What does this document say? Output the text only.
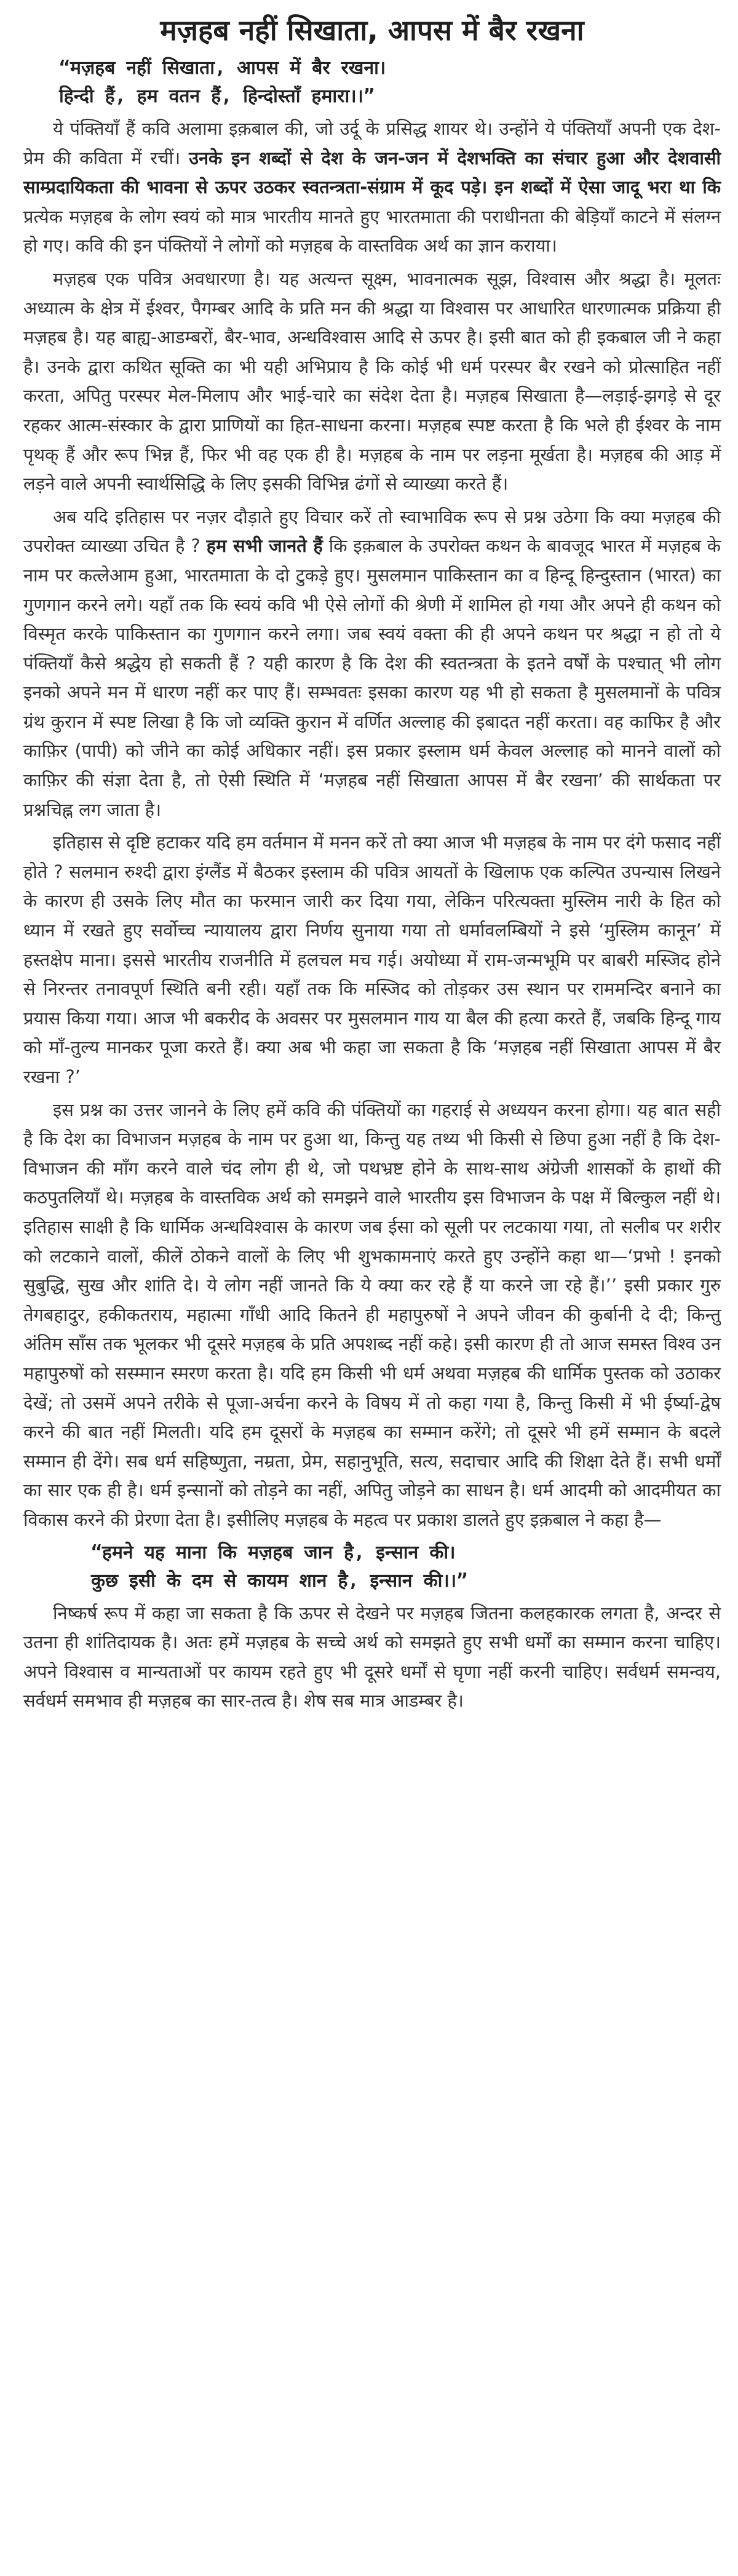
मज़हब नहीं सिखाता, आपस में बैर रखना
“मज़हब नहीं सिखाता, आपस में बैर रखना।
हिन्दी हैं, हम वतन हैं, हिन्दोस्ताँ हमारा।।”

ये पंक्तियाँ हैं कवि अलामा इक़बाल की, जो उर्दू के प्रसिद्ध शायर थे। उन्होंने ये पंक्तियाँ अपनी एक देश-प्रेम की कविता में रचीं। उनके इन शब्दों से देश के जन-जन में देशभक्ति का संचार हुआ और देशवासी साम्प्रदायिकता की भावना से ऊपर उठकर स्वतन्त्रता-संग्राम में कूद पड़े। इन शब्दों में ऐसा जादू भरा था कि प्रत्येक मज़हब के लोग स्वयं को मात्र भारतीय मानते हुए भारतमाता की पराधीनता की बेड़ियाँ काटने में संलग्न हो गए। कवि की इन पंक्तियों ने लोगों को मज़हब के वास्तविक अर्थ का ज्ञान कराया।

मज़हब एक पवित्र अवधारणा है। यह अत्यन्त सूक्ष्म, भावनात्मक सूझ, विश्वास और श्रद्धा है। मूलतः अध्यात्म के क्षेत्र में ईश्वर, पैगम्बर आदि के प्रति मन की श्रद्धा या विश्वास पर आधारित धारणात्मक प्रक्रिया ही मज़हब है। यह बाह्य-आडम्बरों, बैर-भाव, अन्धविश्वास आदि से ऊपर है। इसी बात को ही इकबाल जी ने कहा है। उनके द्वारा कथित सूक्ति का भी यही अभिप्राय है कि कोई भी धर्म परस्पर बैर रखने को प्रोत्साहित नहीं करता, अपितु परस्पर मेल-मिलाप और भाई-चारे का संदेश देता है। मज़हब सिखाता है—लड़ाई-झगड़े से दूर रहकर आत्म-संस्कार के द्वारा प्राणियों का हित-साधना करना। मज़हब स्पष्ट करता है कि भले ही ईश्वर के नाम पृथक् हैं और रूप भिन्न हैं, फिर भी वह एक ही है। मज़हब के नाम पर लड़ना मूर्खता है। मज़हब की आड़ में लड़ने वाले अपनी स्वार्थसिद्धि के लिए इसकी विभिन्न ढंगों से व्याख्या करते हैं।

अब यदि इतिहास पर नज़र दौड़ाते हुए विचार करें तो स्वाभाविक रूप से प्रश्न उठेगा कि क्या मज़हब की उपरोक्त व्याख्या उचित है ? हम सभी जानते हैं कि इक़बाल के उपरोक्त कथन के बावजूद भारत में मज़हब के नाम पर कत्लेआम हुआ, भारतमाता के दो टुकड़े हुए। मुसलमान पाकिस्तान का व हिन्दू हिन्दुस्तान (भारत) का गुणगान करने लगे। यहाँ तक कि स्वयं कवि भी ऐसे लोगों की श्रेणी में शामिल हो गया और अपने ही कथन को विस्मृत करके पाकिस्तान का गुणगान करने लगा। जब स्वयं वक्ता की ही अपने कथन पर श्रद्धा न हो तो ये पंक्तियाँ कैसे श्रद्धेय हो सकती हैं ? यही कारण है कि देश की स्वतन्त्रता के इतने वर्षों के पश्चात् भी लोग इनको अपने मन में धारण नहीं कर पाए हैं। सम्भवतः इसका कारण यह भी हो सकता है मुसलमानों के पवित्र ग्रंथ कुरान में स्पष्ट लिखा है कि जो व्यक्ति कुरान में वर्णित अल्लाह की इबादत नहीं करता। वह काफिर है और काफ़िर (पापी) को जीने का कोई अधिकार नहीं। इस प्रकार इस्लाम धर्म केवल अल्लाह को मानने वालों को काफ़िर की संज्ञा देता है, तो ऐसी स्थिति में ‘मज़हब नहीं सिखाता आपस में बैर रखना’ की सार्थकता पर प्रश्नचिह्न लग जाता है।

इतिहास से दृष्टि हटाकर यदि हम वर्तमान में मनन करें तो क्या आज भी मज़हब के नाम पर दंगे फसाद नहीं होते ? सलमान रुश्दी द्वारा इंग्लैंड में बैठकर इस्लाम की पवित्र आयतों के खिलाफ एक कल्पित उपन्यास लिखने के कारण ही उसके लिए मौत का फरमान जारी कर दिया गया, लेकिन परित्यक्ता मुस्लिम नारी के हित को ध्यान में रखते हुए सर्वोच्च न्यायालय द्वारा निर्णय सुनाया गया तो धर्मावलम्बियों ने इसे ‘मुस्लिम कानून’ में हस्तक्षेप माना। इससे भारतीय राजनीति में हलचल मच गई। अयोध्या में राम-जन्मभूमि पर बाबरी मस्जिद होने से निरन्तर तनावपूर्ण स्थिति बनी रही। यहाँ तक कि मस्जिद को तोड़कर उस स्थान पर राममन्दिर बनाने का प्रयास किया गया। आज भी बकरीद के अवसर पर मुसलमान गाय या बैल की हत्या करते हैं, जबकि हिन्दू गाय को माँ-तुल्य मानकर पूजा करते हैं। क्या अब भी कहा जा सकता है कि ‘मज़हब नहीं सिखाता आपस में बैर रखना ?’

इस प्रश्न का उत्तर जानने के लिए हमें कवि की पंक्तियों का गहराई से अध्ययन करना होगा। यह बात सही है कि देश का विभाजन मज़हब के नाम पर हुआ था, किन्तु यह तथ्य भी किसी से छिपा हुआ नहीं है कि देश-विभाजन की माँग करने वाले चंद लोग ही थे, जो पथभ्रष्ट होने के साथ-साथ अंग्रेजी शासकों के हाथों की कठपुतलियाँ थे। मज़हब के वास्तविक अर्थ को समझने वाले भारतीय इस विभाजन के पक्ष में बिल्कुल नहीं थे। इतिहास साक्षी है कि धार्मिक अन्धविश्वास के कारण जब ईसा को सूली पर लटकाया गया, तो सलीब पर शरीर को लटकाने वालों, कीलें ठोकने वालों के लिए भी शुभकामनाएं करते हुए उन्होंने कहा था—‘प्रभो ! इनको सुबुद्धि, सुख और शांति दे। ये लोग नहीं जानते कि ये क्या कर रहे हैं या करने जा रहे हैं।’’ इसी प्रकार गुरु तेगबहादुर, हकीकतराय, महात्मा गाँधी आदि कितने ही महापुरुषों ने अपने जीवन की कुर्बानी दे दी; किन्तु अंतिम साँस तक भूलकर भी दूसरे मज़हब के प्रति अपशब्द नहीं कहे। इसी कारण ही तो आज समस्त विश्व उन महापुरुषों को सस्म्मान स्मरण करता है। यदि हम किसी भी धर्म अथवा मज़हब की धार्मिक पुस्तक को उठाकर देखें; तो उसमें अपने तरीके से पूजा-अर्चना करने के विषय में तो कहा गया है, किन्तु किसी में भी ईर्ष्या-द्वेष करने की बात नहीं मिलती। यदि हम दूसरों के मज़हब का सम्मान करेंगे; तो दूसरे भी हमें सम्मान के बदले सम्मान ही देंगे। सब धर्म सहिष्णुता, नम्रता, प्रेम, सहानुभूति, सत्य, सदाचार आदि की शिक्षा देते हैं। सभी धर्मों का सार एक ही है। धर्म इन्सानों को तोड़ने का नहीं, अपितु जोड़ने का साधन है। धर्म आदमी को आदमीयत का विकास करने की प्रेरणा देता है। इसीलिए मज़हब के महत्व पर प्रकाश डालते हुए इक़बाल ने कहा है—

“हमने यह माना कि मज़हब जान है, इन्सान की।
कुछ इसी के दम से कायम शान है, इन्सान की।।”

निष्कर्ष रूप में कहा जा सकता है कि ऊपर से देखने पर मज़हब जितना कलहकारक लगता है, अन्दर से उतना ही शांतिदायक है। अतः हमें मज़हब के सच्चे अर्थ को समझते हुए सभी धर्मों का सम्मान करना चाहिए। अपने विश्वास व मान्यताओं पर कायम रहते हुए भी दूसरे धर्मों से घृणा नहीं करनी चाहिए। सर्वधर्म समन्वय, सर्वधर्म समभाव ही मज़हब का सार-तत्व है। शेष सब मात्र आडम्बर है।
